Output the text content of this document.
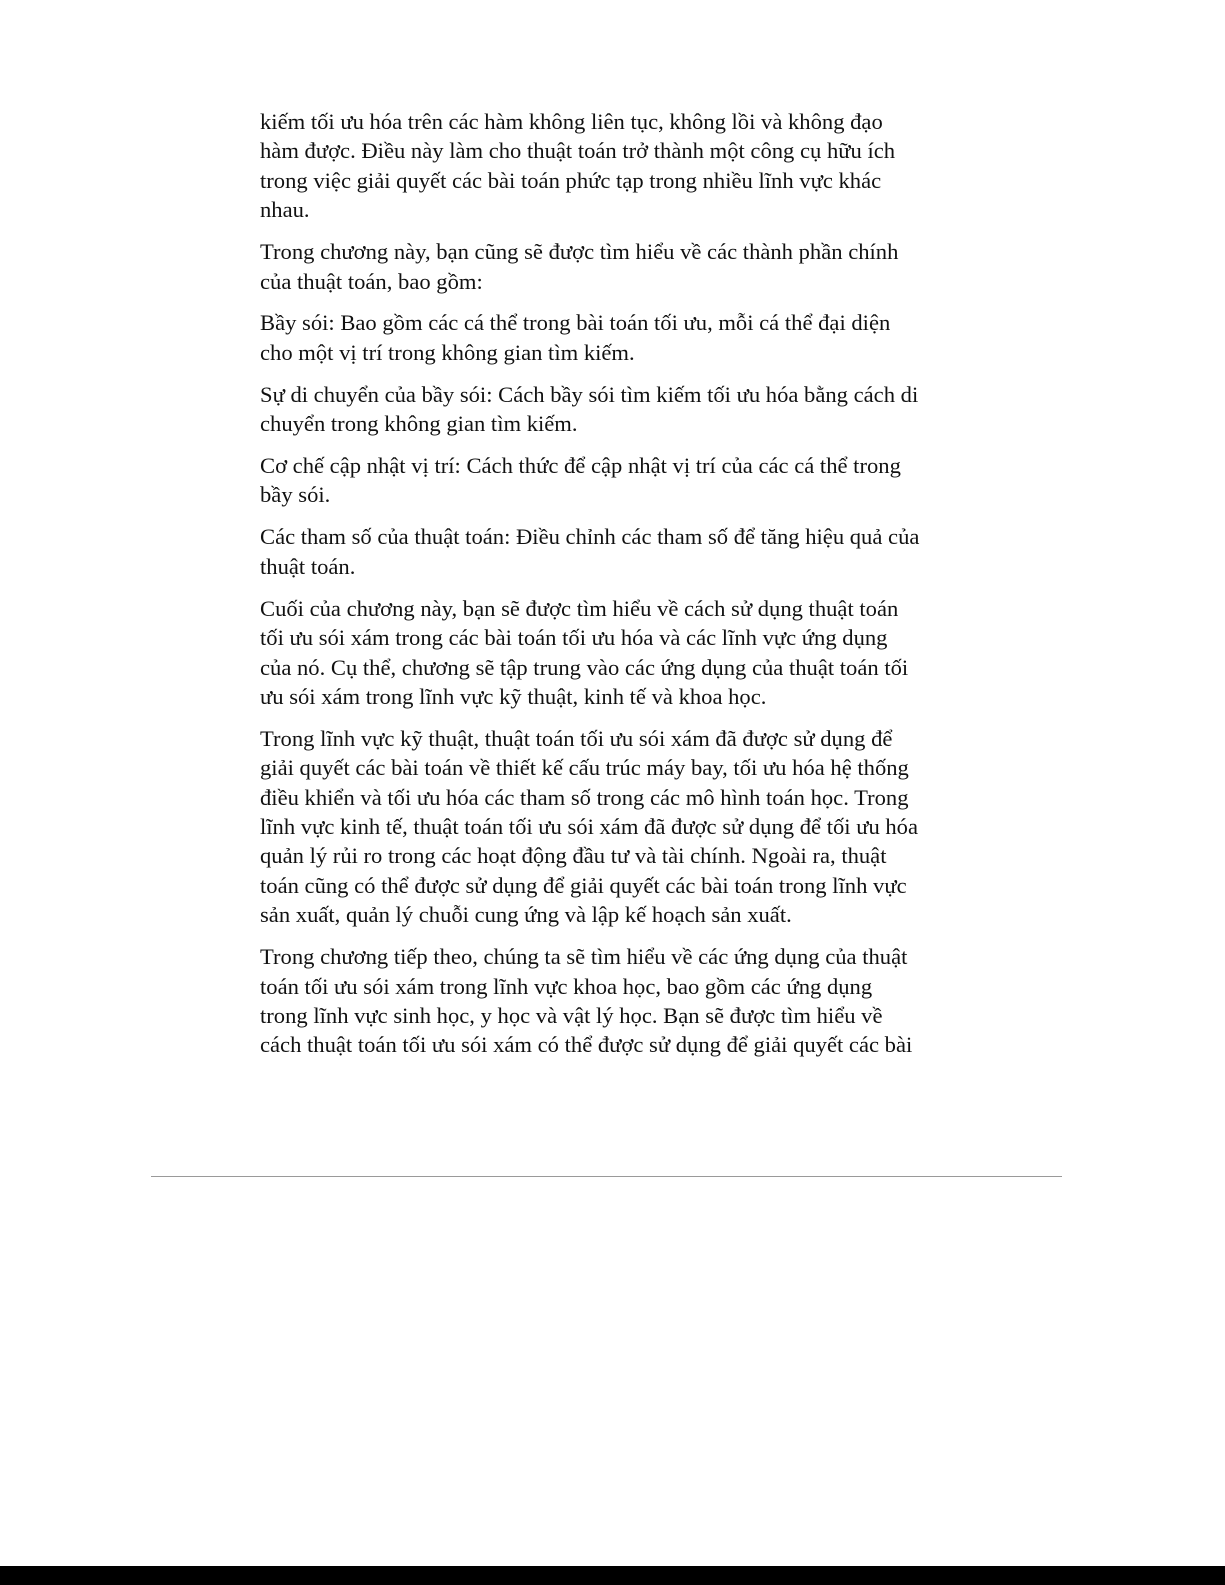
kiếm tối ưu hóa trên các hàm không liên tục, không lồi và không đạo
hàm được. Điều này làm cho thuật toán trở thành một công cụ hữu ích
trong việc giải quyết các bài toán phức tạp trong nhiều lĩnh vực khác
nhau.

Trong chương này, bạn cũng sẽ được tìm hiểu về các thành phần chính
của thuật toán, bao gồm:

Bầy sói: Bao gồm các cá thể trong bài toán tối ưu, mỗi cá thể đại diện
cho một vị trí trong không gian tìm kiếm.

Sự di chuyển của bầy sói: Cách bầy sói tìm kiếm tối ưu hóa bằng cách di
chuyển trong không gian tìm kiếm.

Cơ chế cập nhật vị trí: Cách thức để cập nhật vị trí của các cá thể trong
bầy sói.

Các tham số của thuật toán: Điều chỉnh các tham số để tăng hiệu quả của
thuật toán.

Cuối của chương này, bạn sẽ được tìm hiểu về cách sử dụng thuật toán
tối ưu sói xám trong các bài toán tối ưu hóa và các lĩnh vực ứng dụng
của nó. Cụ thể, chương sẽ tập trung vào các ứng dụng của thuật toán tối
ưu sói xám trong lĩnh vực kỹ thuật, kinh tế và khoa học.

Trong lĩnh vực kỹ thuật, thuật toán tối ưu sói xám đã được sử dụng để
giải quyết các bài toán về thiết kế cấu trúc máy bay, tối ưu hóa hệ thống
điều khiển và tối ưu hóa các tham số trong các mô hình toán học. Trong
lĩnh vực kinh tế, thuật toán tối ưu sói xám đã được sử dụng để tối ưu hóa
quản lý rủi ro trong các hoạt động đầu tư và tài chính. Ngoài ra, thuật
toán cũng có thể được sử dụng để giải quyết các bài toán trong lĩnh vực
sản xuất, quản lý chuỗi cung ứng và lập kế hoạch sản xuất.

Trong chương tiếp theo, chúng ta sẽ tìm hiểu về các ứng dụng của thuật
toán tối ưu sói xám trong lĩnh vực khoa học, bao gồm các ứng dụng
trong lĩnh vực sinh học, y học và vật lý học. Bạn sẽ được tìm hiểu về
cách thuật toán tối ưu sói xám có thể được sử dụng để giải quyết các bài
